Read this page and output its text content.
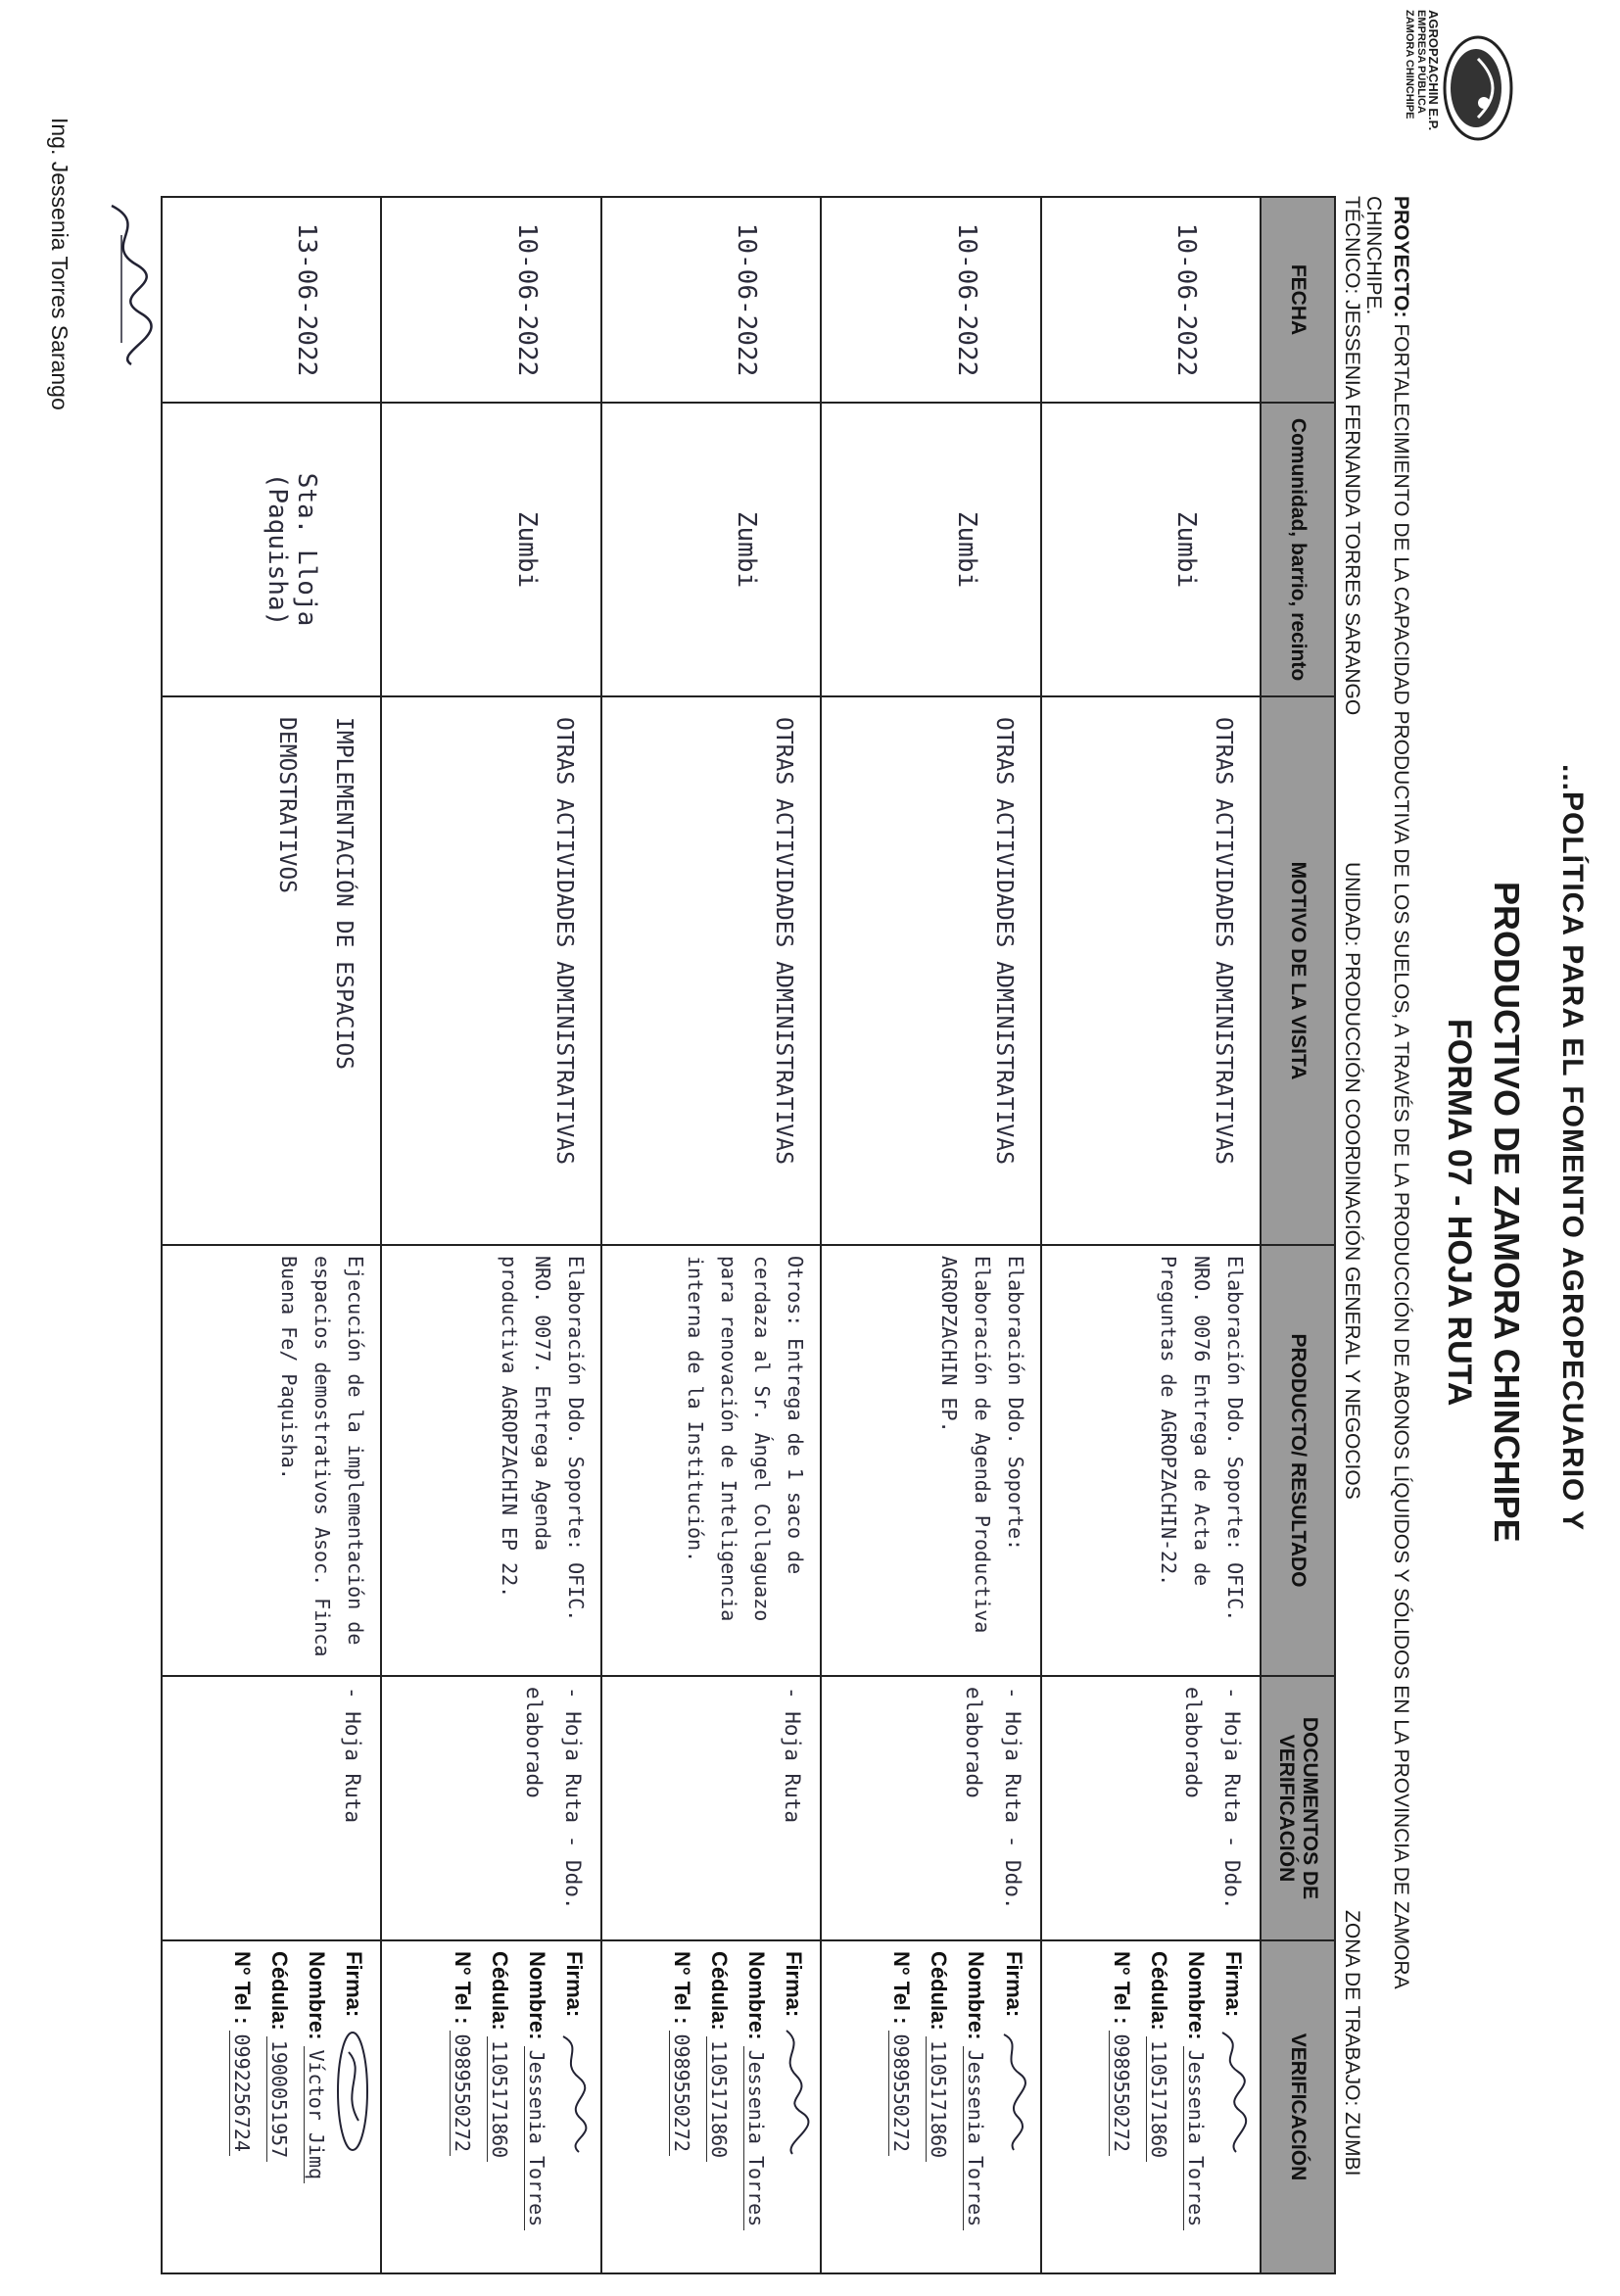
AGROPZACHIN E.P.
EMPRESA PÚBLICA
ZAMORA CHINCHIPE
...POLÍTICA PARA EL FOMENTO AGROPECUARIO Y
PRODUCTIVO DE ZAMORA CHINCHIPE
FORMA 07 - HOJA RUTA
PROYECTO: FORTALECIMIENTO DE LA CAPACIDAD PRODUCTIVA DE LOS SUELOS, A TRAVÉS DE LA PRODUCCIÓN DE ABONOS LÍQUIDOS Y SÓLIDOS EN LA PROVINCIA DE ZAMORA
CHINCHIPE.
TÉCNICO: JESSENIA FERNANDA TORRES SARANGO
UNIDAD: PRODUCCIÓN COORDINACIÓN GENERAL Y NEGOCIOS
ZONA DE TRABAJO: ZUMBI
FECHA	Comunidad, barrio, recinto	MOTIVO DE LA VISITA	PRODUCTO/ RESULTADO	DOCUMENTOS DE VERIFICACIÓN	VERIFICACIÓN
10-06-2022	Zumbi	OTRAS ACTIVIDADES ADMINISTRATIVAS	Elaboración Ddo. Soporte: OFIC. NRO. 0076 Entrega de Acta de Preguntas de AGROPZACHIN-22.	- Hoja Ruta - Ddo. elaborado	Firma:
Nombre: Jessenia Torres
Cédula: 1105171860
N° Tel : 0989550272

10-06-2022	Zumbi	OTRAS ACTIVIDADES ADMINISTRATIVAS	Elaboración Ddo. Soporte: Elaboración de Agenda Productiva AGROPZACHIN EP.	- Hoja Ruta - Ddo. elaborado	Firma:
Nombre: Jessenia Torres
Cédula: 1105171860
N° Tel : 0989550272

10-06-2022	Zumbi	OTRAS ACTIVIDADES ADMINISTRATIVAS	Otros: Entrega de 1 saco de cerdaza al Sr. Ángel Collaguazo para renovación de Inteligencia interna de la Institución.	- Hoja Ruta	Firma:
Nombre: Jessenia Torres
Cédula: 1105171860
N° Tel : 0989550272

10-06-2022	Zumbi	OTRAS ACTIVIDADES ADMINISTRATIVAS	Elaboración Ddo. Soporte: OFIC. NRO. 0077. Entrega Agenda productiva AGROPZACHIN EP 22.	- Hoja Ruta - Ddo. elaborado	Firma:
Nombre: Jessenia Torres
Cédula: 1105171860
N° Tel : 0989550272

13-06-2022	Sta. Lloja (Paquisha)	IMPLEMENTACIÓN DE ESPACIOS DEMOSTRATIVOS	Ejecución de la implementación de espacios demostrativos Asoc. Finca Buena Fe/ Paquisha.	- Hoja Ruta	Firma:
Nombre: Víctor Jimq
Cédula: 1900051957
N° Tel : 0992256724
Ing. Jessenia Torres Sarango
